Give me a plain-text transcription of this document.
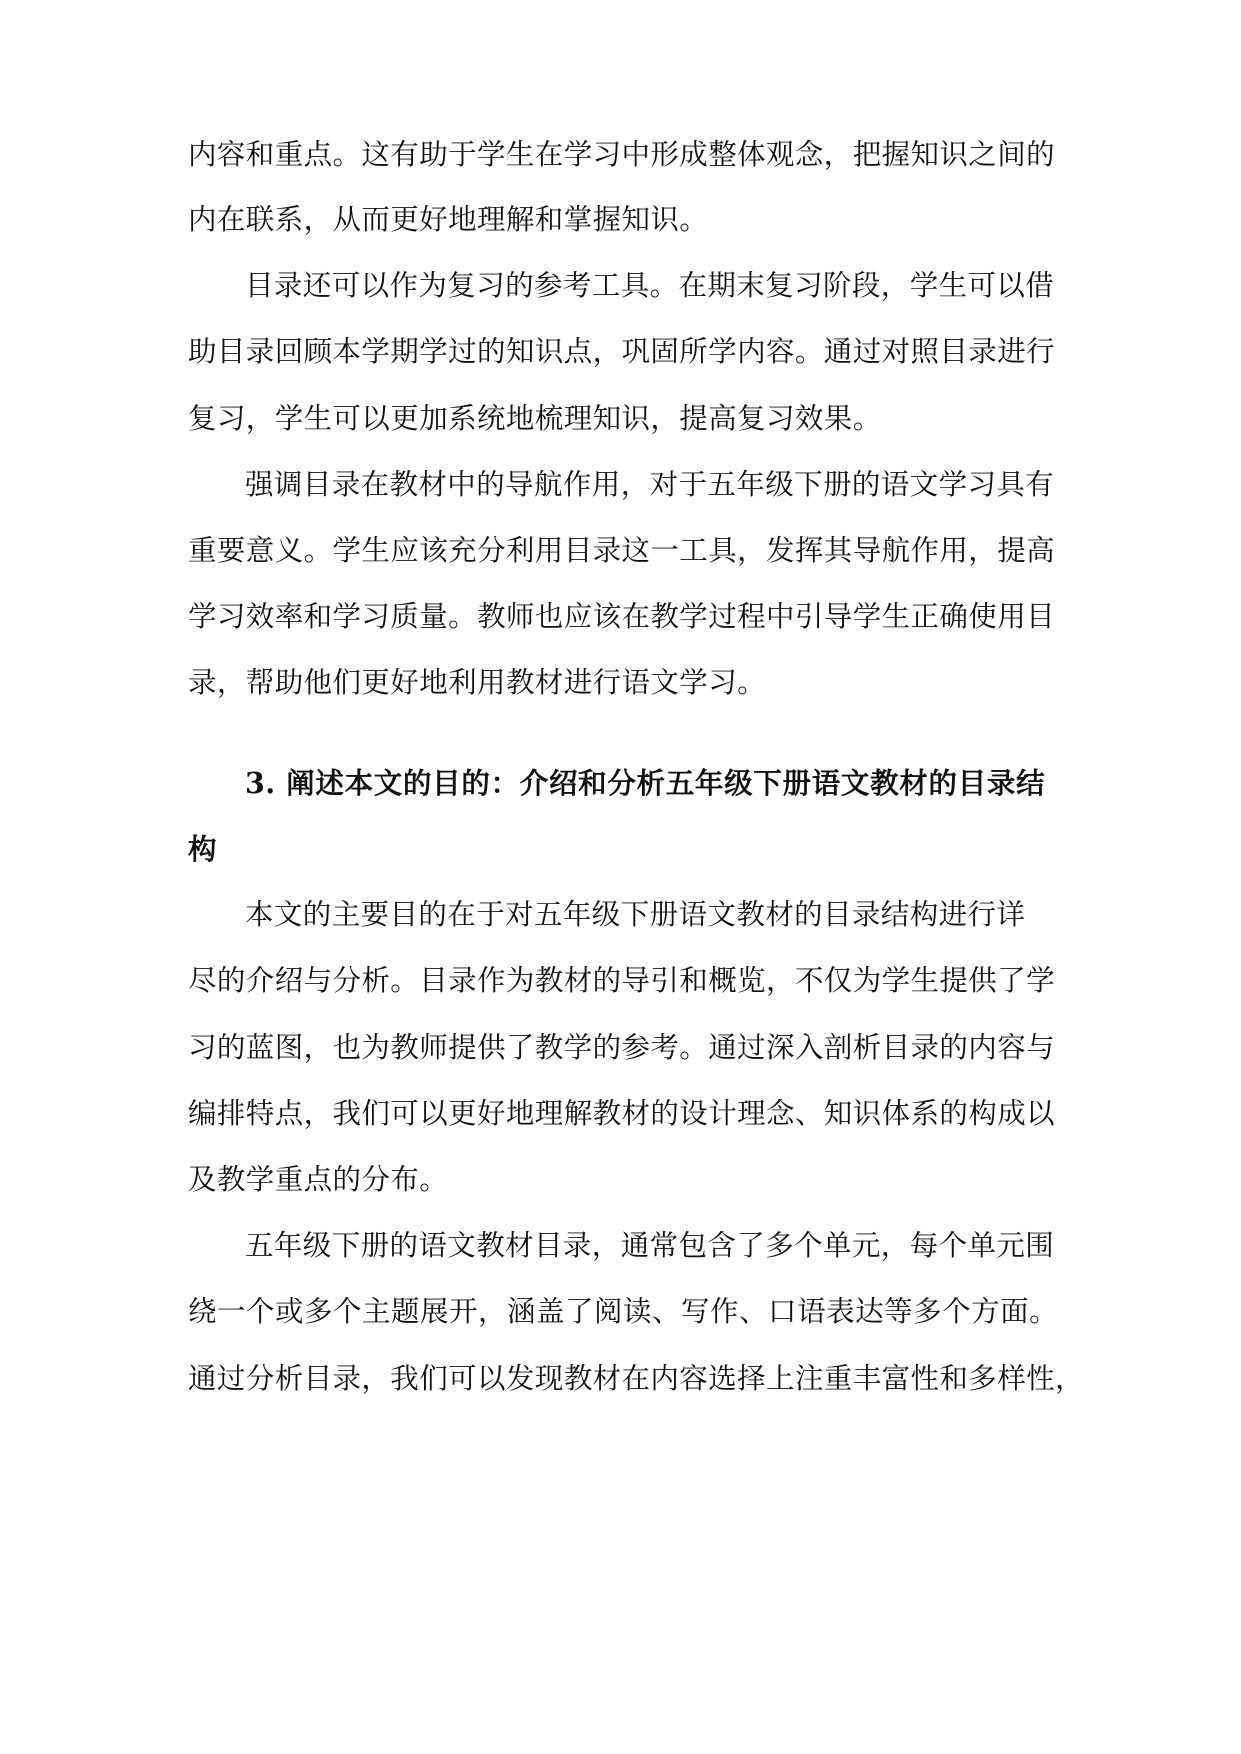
内容和重点。这有助于学生在学习中形成整体观念，把握知识之间的
内在联系，从而更好地理解和掌握知识。
目录还可以作为复习的参考工具。在期末复习阶段，学生可以借
助目录回顾本学期学过的知识点，巩固所学内容。通过对照目录进行
复习，学生可以更加系统地梳理知识，提高复习效果。
强调目录在教材中的导航作用，对于五年级下册的语文学习具有
重要意义。学生应该充分利用目录这一工具，发挥其导航作用，提高
学习效率和学习质量。教师也应该在教学过程中引导学生正确使用目
录，帮助他们更好地利用教材进行语文学习。
3. 阐述本文的目的：介绍和分析五年级下册语文教材的目录结
构
本文的主要目的在于对五年级下册语文教材的目录结构进行详
尽的介绍与分析。目录作为教材的导引和概览，不仅为学生提供了学
习的蓝图，也为教师提供了教学的参考。通过深入剖析目录的内容与
编排特点，我们可以更好地理解教材的设计理念、知识体系的构成以
及教学重点的分布。
五年级下册的语文教材目录，通常包含了多个单元，每个单元围
绕一个或多个主题展开，涵盖了阅读、写作、口语表达等多个方面。
通过分析目录，我们可以发现教材在内容选择上注重丰富性和多样性，
